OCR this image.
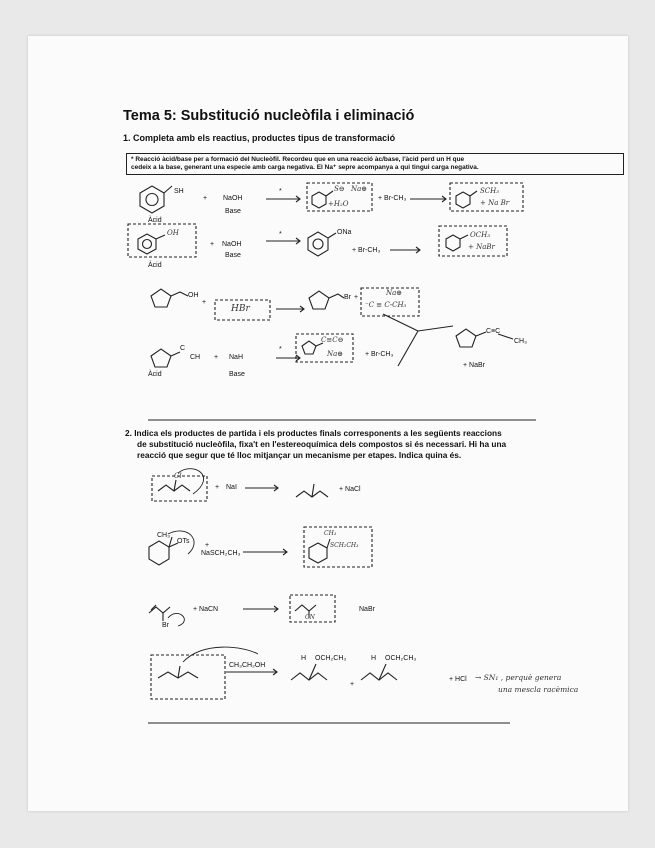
Tema 5: Substitució nucleòfila i eliminació
1. Completa amb els reactius, productes tipus de transformació
* Reacció àcid/base per a formació del Nucleòfil. Recordeu que en una reacció àc/base, l'àcid perd un H que
cedeix a la base, generant una especie amb carga negativa. El Na⁺ sepre acompanya a qui tingui carga negativa.
SH
+ NaOH
Àcid
Base
*	S⊖ Na⊕
+H₂O
+ Br-CH₃
SCH₃
+ Na Br
OH
+ NaOH
Base
Àcid
*	ONa
+ Br-CH₃
OCH₃
+ NaBr
OH
+
HBr
Br +
Na⊕
⁻C ≡ C-CH₃
C≡C
CH₃
+ NaBr
C
CH + NaH
Àcid	Base
*
C≡C⊖
Na⊕	+ Br-CH₃
2. Indica els productes de partida i els productes finals corresponents a les següents reaccions
de substitució nucleòfila, fixa't en l'estereoquímica dels compostos si és necessari. Hi ha una
reacció que segur que té lloc mitjançar un mecanisme per etapes. Indica quina és.
Cl
+ NaI	+ NaCl
CH₃
OTs
+
NaSCH₂CH₃
CH₃
SCH₂CH₃
Br
+ NaCN
CN
NaBr
CH₃CH₂OH
H OCH₂CH₃
+
H OCH₂CH₃
+ HCl → SN₁ , perquè genera
una mescla racèmica
